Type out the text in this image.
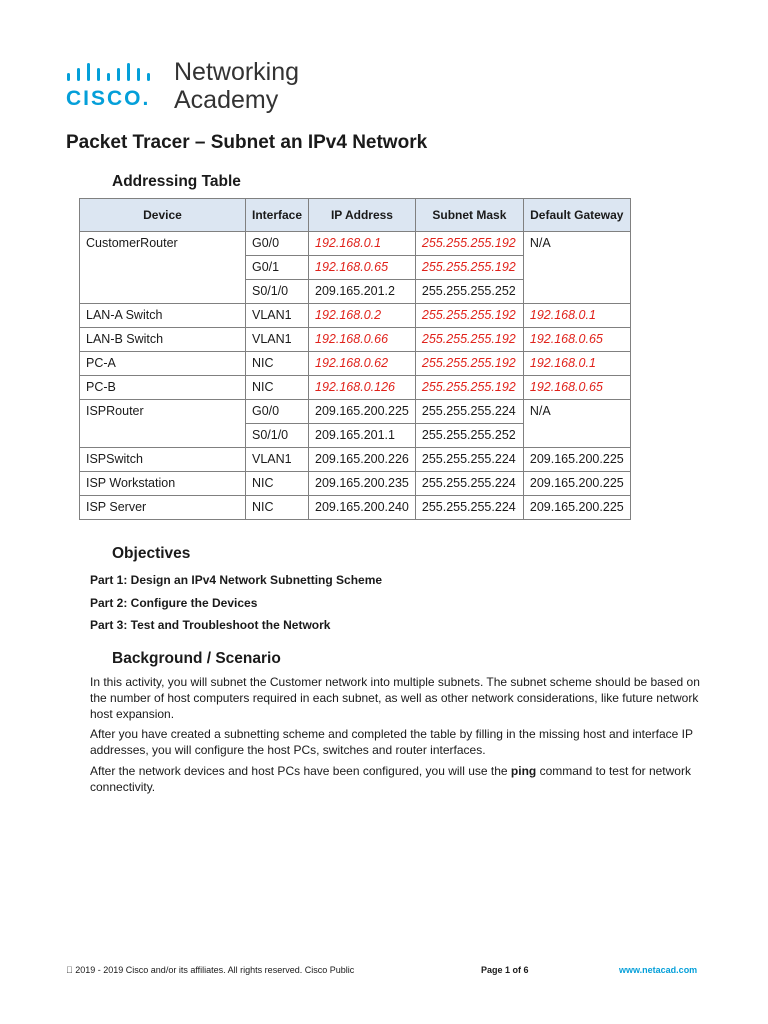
CISCO.
Networking
Academy
Packet Tracer – Subnet an IPv4 Network
Addressing Table
Device	Interface	IP Address	Subnet Mask	Default Gateway
CustomerRouter	G0/0	192.168.0.1	255.255.255.192	N/A
	G0/1	192.168.0.65	255.255.255.192	
	S0/1/0	209.165.201.2	255.255.255.252	
LAN-A Switch	VLAN1	192.168.0.2	255.255.255.192	192.168.0.1
LAN-B Switch	VLAN1	192.168.0.66	255.255.255.192	192.168.0.65
PC-A	NIC	192.168.0.62	255.255.255.192	192.168.0.1
PC-B	NIC	192.168.0.126	255.255.255.192	192.168.0.65
ISPRouter	G0/0	209.165.200.225	255.255.255.224	N/A
	S0/1/0	209.165.201.1	255.255.255.252	
ISPSwitch	VLAN1	209.165.200.226	255.255.255.224	209.165.200.225
ISP Workstation	NIC	209.165.200.235	255.255.255.224	209.165.200.225
ISP Server	NIC	209.165.200.240	255.255.255.224	209.165.200.225
Objectives
Part 1: Design an IPv4 Network Subnetting Scheme
Part 2: Configure the Devices
Part 3: Test and Troubleshoot the Network
Background / Scenario

In this activity, you will subnet the Customer network into multiple subnets. The subnet scheme should be based on the number of host computers required in each subnet, as well as other network considerations, like future network host expansion.

After you have created a subnetting scheme and completed the table by filling in the missing host and interface IP addresses, you will configure the host PCs, switches and router interfaces.

After the network devices and host PCs have been configured, you will use the ping command to test for network connectivity.

  2019 - 2019 Cisco and/or its affiliates. All rights reserved. Cisco Public	Page 1 of 6	www.netacad.com
